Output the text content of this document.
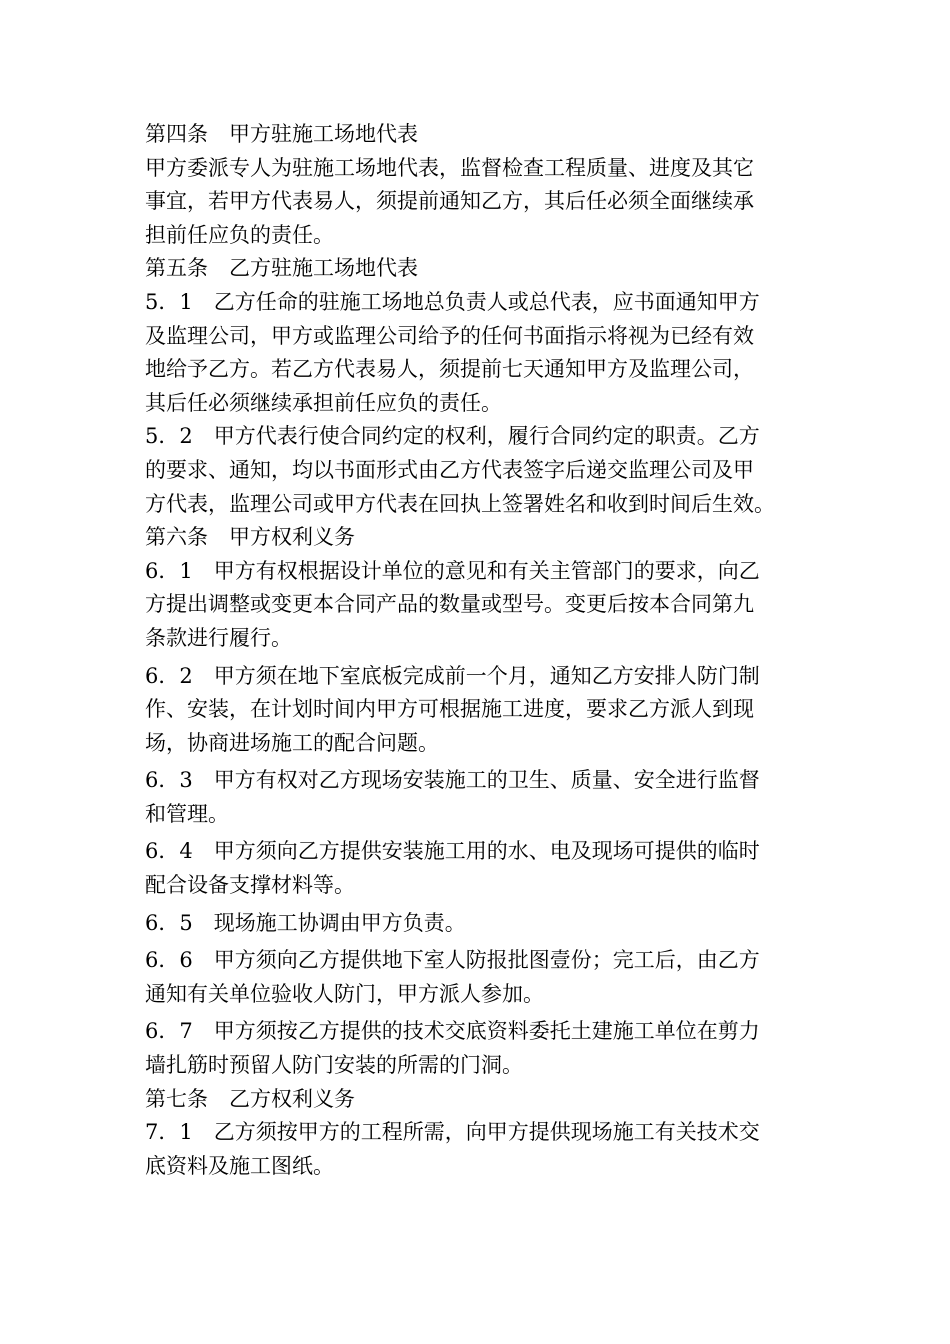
第四条　甲方驻施工场地代表

甲方委派专人为驻施工场地代表，监督检查工程质量、进度及其它

事宜，若甲方代表易人，须提前通知乙方，其后任必须全面继续承

担前任应负的责任。

第五条　乙方驻施工场地代表

5．1　乙方任命的驻施工场地总负责人或总代表，应书面通知甲方

及监理公司，甲方或监理公司给予的任何书面指示将视为已经有效

地给予乙方。若乙方代表易人，须提前七天通知甲方及监理公司，

其后任必须继续承担前任应负的责任。

5．2　甲方代表行使合同约定的权利，履行合同约定的职责。乙方

的要求、通知，均以书面形式由乙方代表签字后递交监理公司及甲

方代表，监理公司或甲方代表在回执上签署姓名和收到时间后生效。

第六条　甲方权利义务

6．1　甲方有权根据设计单位的意见和有关主管部门的要求，向乙

方提出调整或变更本合同产品的数量或型号。变更后按本合同第九

条款进行履行。

6．2　甲方须在地下室底板完成前一个月，通知乙方安排人防门制

作、安装，在计划时间内甲方可根据施工进度，要求乙方派人到现

场，协商进场施工的配合问题。

6．3　甲方有权对乙方现场安装施工的卫生、质量、安全进行监督

和管理。

6．4　甲方须向乙方提供安装施工用的水、电及现场可提供的临时

配合设备支撑材料等。

6．5　现场施工协调由甲方负责。

6．6　甲方须向乙方提供地下室人防报批图壹份；完工后，由乙方

通知有关单位验收人防门，甲方派人参加。

6．7　甲方须按乙方提供的技术交底资料委托土建施工单位在剪力

墙扎筋时预留人防门安装的所需的门洞。

第七条　乙方权利义务

7．1　乙方须按甲方的工程所需，向甲方提供现场施工有关技术交

底资料及施工图纸。
